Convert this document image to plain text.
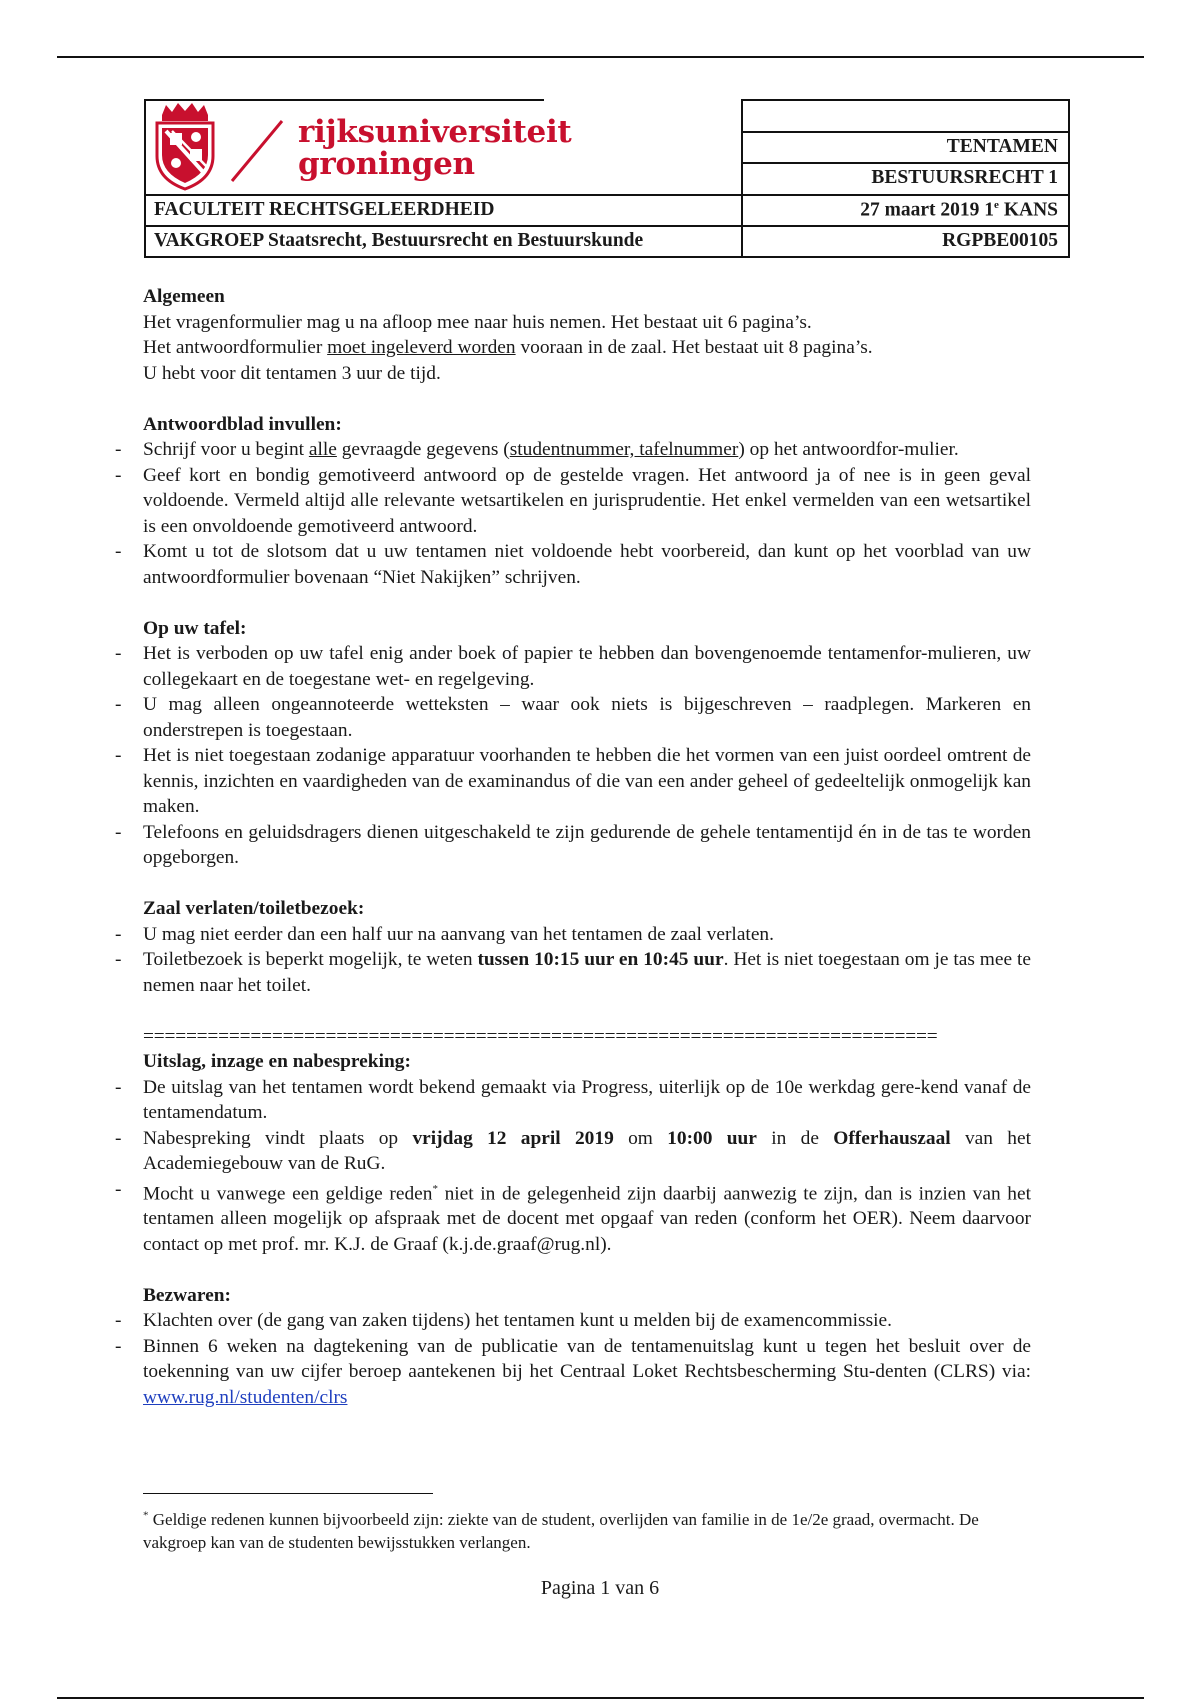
rijksuniversiteit
groningen
FACULTEIT RECHTSGELEERDHEID
VAKGROEP Staatsrecht, Bestuursrecht en Bestuurskunde
TENTAMEN
BESTUURSRECHT 1
27 maart 2019 1e KANS
RGPBE00105

Algemeen

Het vragenformulier mag u na afloop mee naar huis nemen. Het bestaat uit 6 pagina’s.

Het antwoordformulier moet ingeleverd worden vooraan in de zaal. Het bestaat uit 8 pagina’s.

U hebt voor dit tentamen 3 uur de tijd.

Antwoordblad invullen:

- Schrijf voor u begint alle gevraagde gegevens (studentnummer, tafelnummer) op het antwoordfor-mulier.
- Geef kort en bondig gemotiveerd antwoord op de gestelde vragen. Het antwoord ja of nee is in geen geval voldoende. Vermeld altijd alle relevante wetsartikelen en jurisprudentie. Het enkel vermelden van een wetsartikel is een onvoldoende gemotiveerd antwoord.
- Komt u tot de slotsom dat u uw tentamen niet voldoende hebt voorbereid, dan kunt op het voorblad van uw antwoordformulier bovenaan “Niet Nakijken” schrijven.

Op uw tafel:

- Het is verboden op uw tafel enig ander boek of papier te hebben dan bovengenoemde tentamenfor-mulieren, uw collegekaart en de toegestane wet- en regelgeving.
- U mag alleen ongeannoteerde wetteksten – waar ook niets is bijgeschreven – raadplegen. Markeren en onderstrepen is toegestaan.
- Het is niet toegestaan zodanige apparatuur voorhanden te hebben die het vormen van een juist oordeel omtrent de kennis, inzichten en vaardigheden van de examinandus of die van een ander geheel of gedeeltelijk onmogelijk kan maken.
- Telefoons en geluidsdragers dienen uitgeschakeld te zijn gedurende de gehele tentamentijd én in de tas te worden opgeborgen.

Zaal verlaten/toiletbezoek:

- U mag niet eerder dan een half uur na aanvang van het tentamen de zaal verlaten.
- Toiletbezoek is beperkt mogelijk, te weten tussen 10:15 uur en 10:45 uur. Het is niet toegestaan om je tas mee te nemen naar het toilet.

==========================================================================

Uitslag, inzage en nabespreking:

- De uitslag van het tentamen wordt bekend gemaakt via Progress, uiterlijk op de 10e werkdag gere-kend vanaf de tentamendatum.
- Nabespreking vindt plaats op vrijdag 12 april 2019 om 10:00 uur in de Offerhauszaal van het Academiegebouw van de RuG.
- Mocht u vanwege een geldige reden* niet in de gelegenheid zijn daarbij aanwezig te zijn, dan is inzien van het tentamen alleen mogelijk op afspraak met de docent met opgaaf van reden (conform het OER). Neem daarvoor contact op met prof. mr. K.J. de Graaf (k.j.de.graaf@rug.nl).

Bezwaren:

- Klachten over (de gang van zaken tijdens) het tentamen kunt u melden bij de examencommissie.
- Binnen 6 weken na dagtekening van de publicatie van de tentamenuitslag kunt u tegen het besluit over de toekenning van uw cijfer beroep aantekenen bij het Centraal Loket Rechtsbescherming Stu-denten (CLRS) via: www.rug.nl/studenten/clrs
* Geldige redenen kunnen bijvoorbeeld zijn: ziekte van de student, overlijden van familie in de 1e/2e graad, overmacht. De vakgroep kan van de studenten bewijsstukken verlangen.
Pagina 1 van 6
